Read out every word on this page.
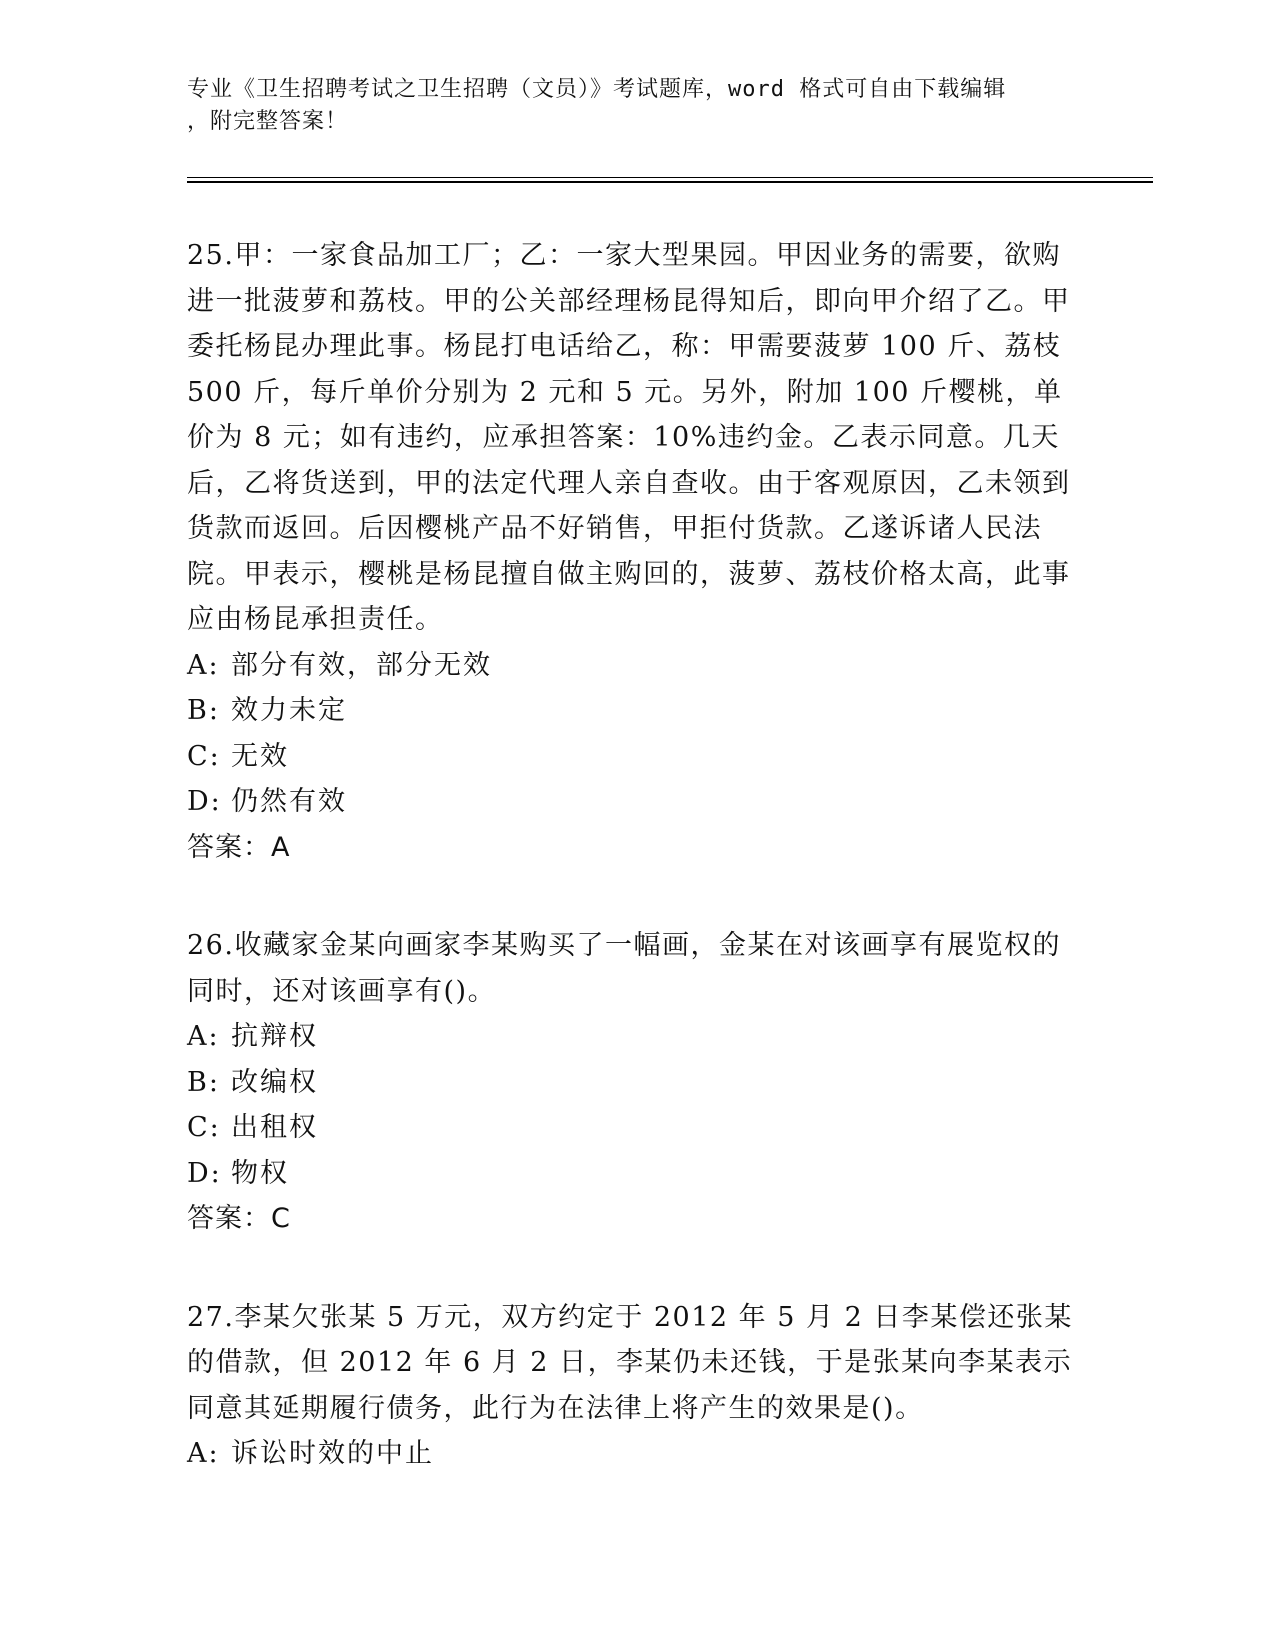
专业《卫生招聘考试之卫生招聘（文员）》考试题库，word 格式可自由下载编辑
，附完整答案！

25.甲：一家食品加工厂；乙：一家大型果园。甲因业务的需要，欲购进一批菠萝和荔枝。甲的公关部经理杨昆得知后，即向甲介绍了乙。甲委托杨昆办理此事。杨昆打电话给乙，称：甲需要菠萝 100 斤、荔枝 500 斤，每斤单价分别为 2 元和 5 元。另外，附加 100 斤樱桃，单价为 8 元；如有违约，应承担答案：10%违约金。乙表示同意。几天后，乙将货送到，甲的法定代理人亲自查收。由于客观原因，乙未领到货款而返回。后因樱桃产品不好销售，甲拒付货款。乙遂诉诸人民法院。甲表示，樱桃是杨昆擅自做主购回的，菠萝、荔枝价格太高，此事应由杨昆承担责任。

A: 部分有效，部分无效

B: 效力未定

C: 无效

D: 仍然有效

答案：A

26.收藏家金某向画家李某购买了一幅画，金某在对该画享有展览权的同时，还对该画享有()。

A: 抗辩权

B: 改编权

C: 出租权

D: 物权

答案：C

27.李某欠张某 5 万元，双方约定于 2012 年 5 月 2 日李某偿还张某的借款，但 2012 年 6 月 2 日，李某仍未还钱，于是张某向李某表示同意其延期履行债务，此行为在法律上将产生的效果是()。

A: 诉讼时效的中止
